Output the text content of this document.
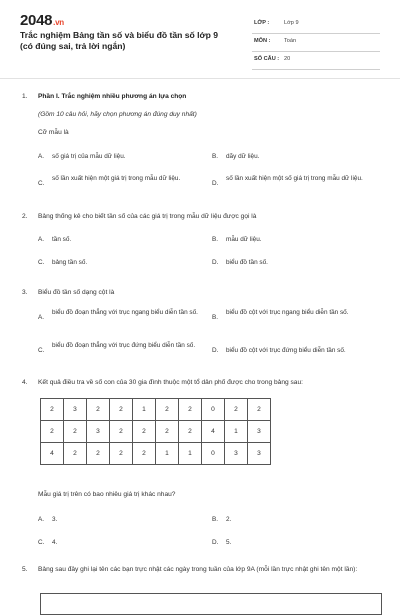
2048.vn
Trắc nghiệm Bảng tần số và biểu đồ tần số lớp 9 (có đúng sai, trả lời ngắn)
LỚP :	Lớp 9
MÔN : Toán
SỐ CÂU : 20
1. Phần I. Trắc nghiệm nhiều phương án lựa chọn
(Gồm 10 câu hỏi, hãy chọn phương án đúng duy nhất)
Cỡ mẫu là
A. số giá trị của mẫu dữ liệu.	B. dãy dữ liệu.
C.
số lần xuất hiện một giá trị trong mẫu dữ liệu.
D.
số lần xuất hiện một số giá trị trong mẫu dữ liệu.
2. Bảng thống kê cho biết tần số của các giá trị trong mẫu dữ liệu được gọi là
A. tần số.	B. mẫu dữ liệu.
C. bảng tần số.	D. biểu đồ tần số.
3. Biểu đồ tần số dạng cột là
A.
biểu đồ đoạn thẳng với trục ngang biểu diễn tần số.
B.
biểu đồ cột với trục ngang biểu diễn tần số.
C.
biểu đồ đoạn thẳng với trục đứng biểu diễn tần số.
D. biểu đồ cột với trục đứng biểu diễn tần số.
4. Kết quả điều tra về số con của 30 gia đình thuộc một tổ dân phố được cho trong bảng sau:
2	3	2	2	1	2	2	0	2	2
2	2	3	2	2	2	2	4	1	3
4	2	2	2	2	1	1	0	3	3
Mẫu giá trị trên có bao nhiêu giá trị khác nhau?
A. 3.	B. 2.
C. 4.	D. 5.
5. Bảng sau đây ghi lại tên các bạn trực nhật các ngày trong tuần của lớp 9A (mỗi lần trực nhật ghi tên một lần):
